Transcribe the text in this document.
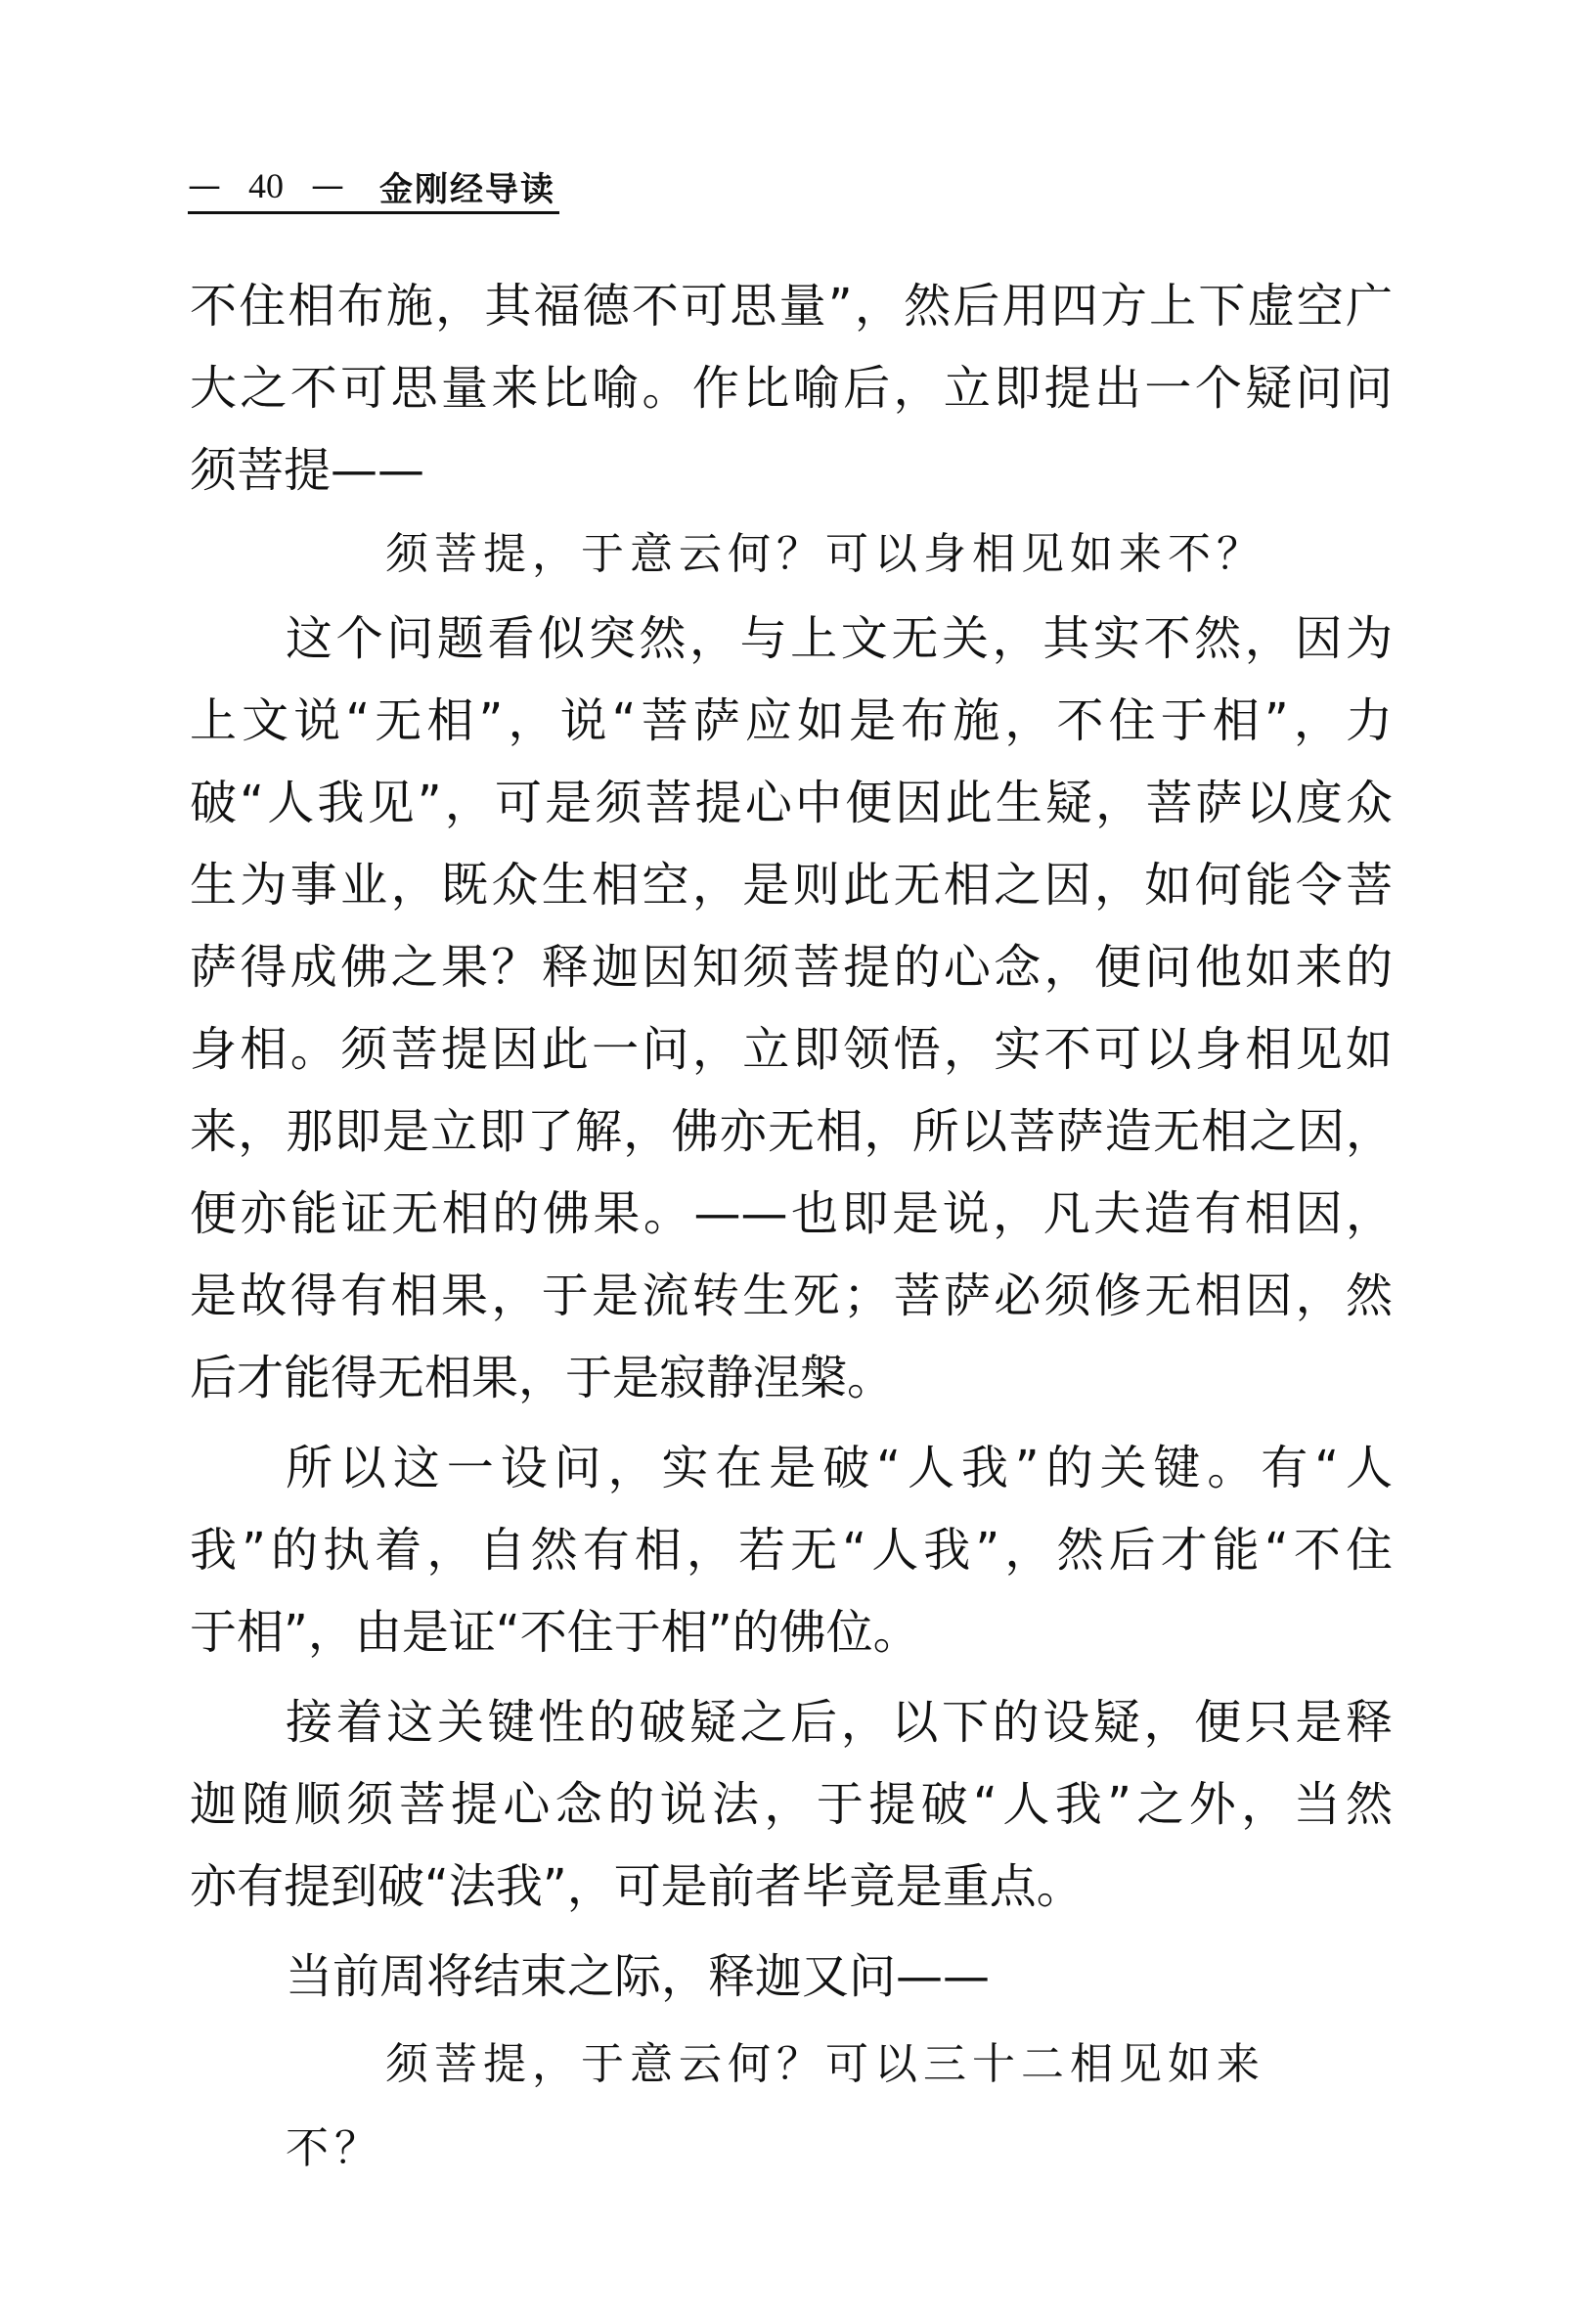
— 40 — 金刚经导读
不住相布施，其福德不可思量”，然后用四方上下虚空广
大之不可思量来比喻。作比喻后，立即提出一个疑问问
须菩提——
须菩提，于意云何？可以身相见如来不？
这个问题看似突然，与上文无关，其实不然，因为
上文说“无相”，说“菩萨应如是布施，不住于相”，力
破“人我见”，可是须菩提心中便因此生疑，菩萨以度众
生为事业，既众生相空，是则此无相之因，如何能令菩
萨得成佛之果？释迦因知须菩提的心念，便问他如来的
身相。须菩提因此一问，立即领悟，实不可以身相见如
来，那即是立即了解，佛亦无相，所以菩萨造无相之因，
便亦能证无相的佛果。——也即是说，凡夫造有相因，
是故得有相果，于是流转生死；菩萨必须修无相因，然
后才能得无相果，于是寂静涅槃。
所以这一设问，实在是破“人我”的关键。有“人
我”的执着，自然有相，若无“人我”，然后才能“不住
于相”，由是证“不住于相”的佛位。
接着这关键性的破疑之后，以下的设疑，便只是释
迦随顺须菩提心念的说法，于提破“人我”之外，当然
亦有提到破“法我”，可是前者毕竟是重点。
当前周将结束之际，释迦又问——
须菩提，于意云何？可以三十二相见如来
不？
